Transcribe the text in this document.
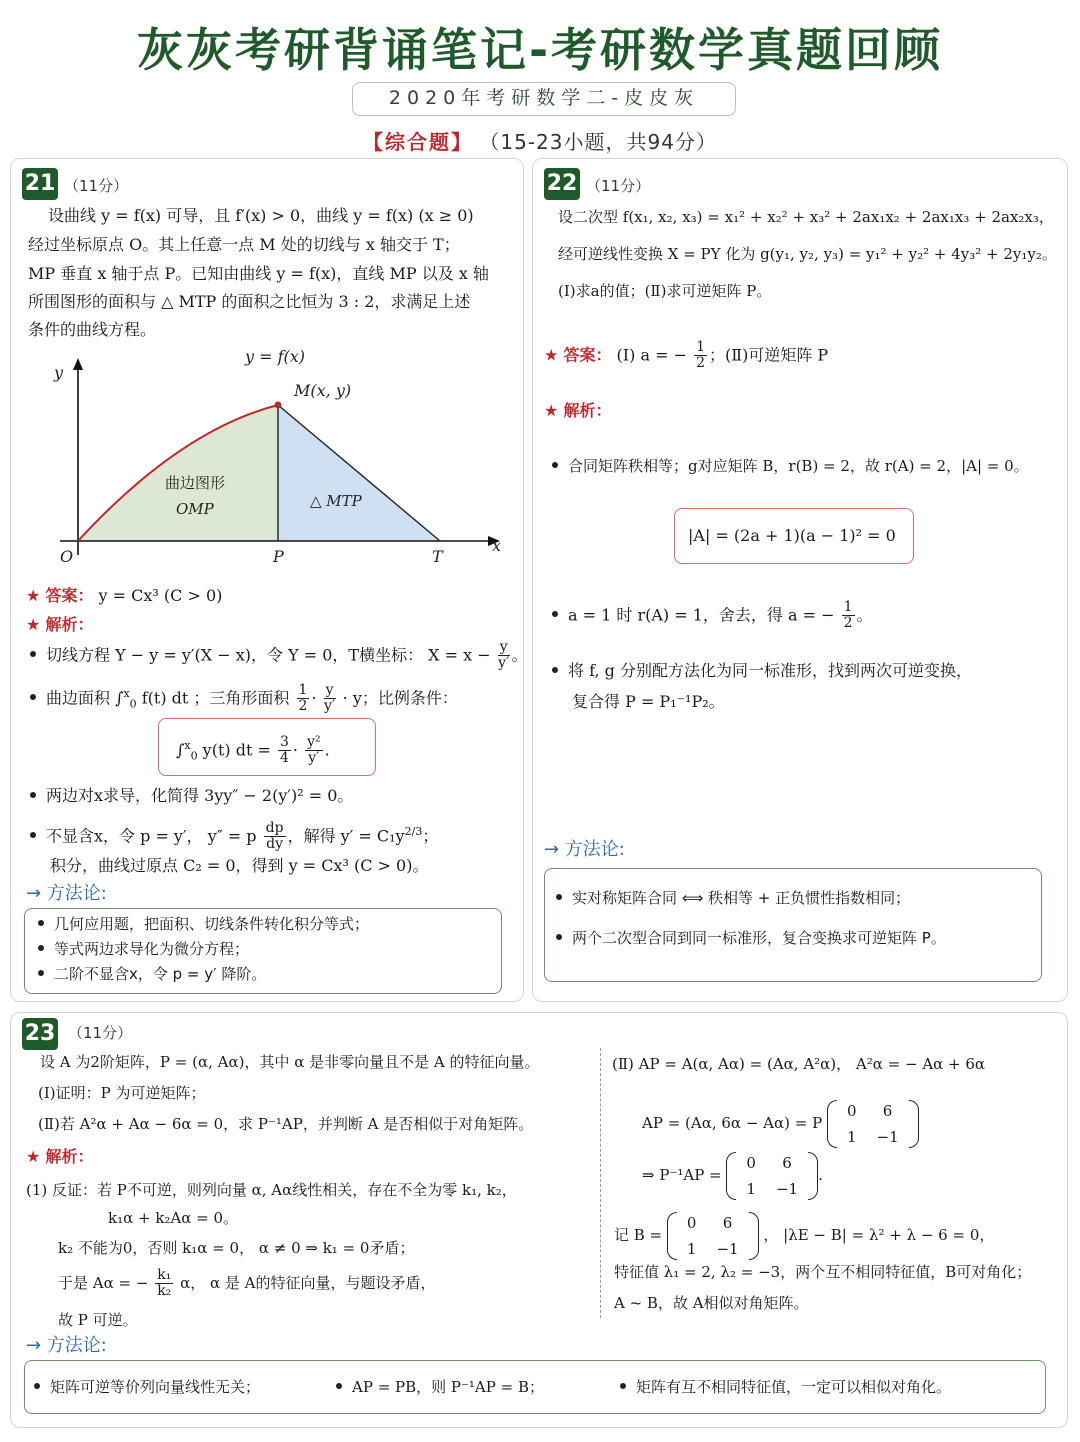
灰灰考研背诵笔记-考研数学真题回顾
2020年考研数学二-皮皮灰
【综合题】 （15-23小题，共94分）
21 （11分）
设曲线 y = f(x) 可导，且 f′(x) > 0，曲线 y = f(x) (x ≥ 0)
经过坐标原点 O。其上任意一点 M 处的切线与 x 轴交于 T；
MP 垂直 x 轴于点 P。已知由曲线 y = f(x)，直线 MP 以及 x 轴
所围图形的面积与 △ MTP 的面积之比恒为 3 : 2，求满足上述
条件的曲线方程。
y = f(x)
M(x, y)
y
x
O	P	T
曲边图形
OMP	△ MTP
★ 答案： y = Cx³ (C > 0)
★ 解析：
切线方程 Y − y = y′(X − x)，令 Y = 0，T横坐标： $X = x - \frac{y}{y'}$ 。
曲边面积 ∫$^x_0$ f(t) dt ；三角形面积 $\frac{1}{2} \cdot \frac{y}{y'} \cdot y$；比例条件：
∫$^x_0$ y(t) dt = $\frac{3}{4} \cdot \frac{\text{y²}}{y'}$ .
两边对x求导，化简得 3yy″ − 2(y′)² = 0。
不显含x，令 p = y′， y″ = p $\frac{dp}{dy}$ ，解得 $y' = C_1y^{2/3}$；
积分，曲线过原点 C₂ = 0，得到 y = Cx³ (C > 0)。
→ 方法论:
几何应用题，把面积、切线条件转化积分等式；
等式两边求导化为微分方程；
二阶不显含x，令 p = y′ 降阶。
22 （11分）
设二次型 f(x₁, x₂, x₃) = x₁² + x₂² + x₃² + 2ax₁x₂ + 2ax₁x₃ + 2ax₂x₃，
经可逆线性变换 X = PY 化为 g(y₁, y₂, y₃) = y₁² + y₂² + 4y₃² + 2y₁y₂。
(Ⅰ)求a的值；(Ⅱ)求可逆矩阵 P。
★ 答案： (Ⅰ) a = − $\frac{1}{2}$ ；(Ⅱ)可逆矩阵 P
★ 解析：
合同矩阵秩相等；g对应矩阵 B，r(B) = 2，故 r(A) = 2，|A| = 0。
|A| = (2a + 1)(a − 1)² = 0
a = 1 时 r(A) = 1，舍去，得 a = − $\frac{1}{2}$ 。
将 f, g 分别配方法化为同一标准形，找到两次可逆变换，
复合得 P = P₁⁻¹P₂。
→ 方法论:
实对称矩阵合同 ⟺ 秩相等 + 正负惯性指数相同；
两个二次型合同到同一标准形，复合变换求可逆矩阵 P。
23 （11分）
设 A 为2阶矩阵，P = (α, Aα)，其中 α 是非零向量且不是 A 的特征向量。
(Ⅰ)证明：P 为可逆矩阵；
(Ⅱ)若 A²α + Aα − 6α = 0，求 P⁻¹AP，并判断 A 是否相似于对角矩阵。
★ 解析：
(1) 反证：若 P不可逆，则列向量 α, Aα线性相关，存在不全为零 k₁, k₂，
k₁α + k₂Aα = 0。
k₂ 不能为0，否则 k₁α = 0， α ≠ 0 ⇒ k₁ = 0矛盾；
于是 Aα = − $\frac{\text{k₁}}{\text{k₂}}$ α， α 是 A的特征向量，与题设矛盾，
故 P 可逆。
(Ⅱ) AP = A(α, Aα) = (Aα, A²α)， A²α = − Aα + 6α
AP = (Aα, 6α − Aα) = P
0	6
1	−1
⇒ P⁻¹AP =
0	6
1	−1
.
记 B =
0	6
1	−1
， |λE − B| = λ² + λ − 6 = 0，
特征值 λ₁ = 2, λ₂ = −3，两个互不相同特征值，B可对角化；
A ~ B，故 A相似对角矩阵。
→ 方法论:
矩阵可逆等价列向量线性无关；	AP = PB，则 P⁻¹AP = B；	矩阵有互不相同特征值，一定可以相似对角化。
